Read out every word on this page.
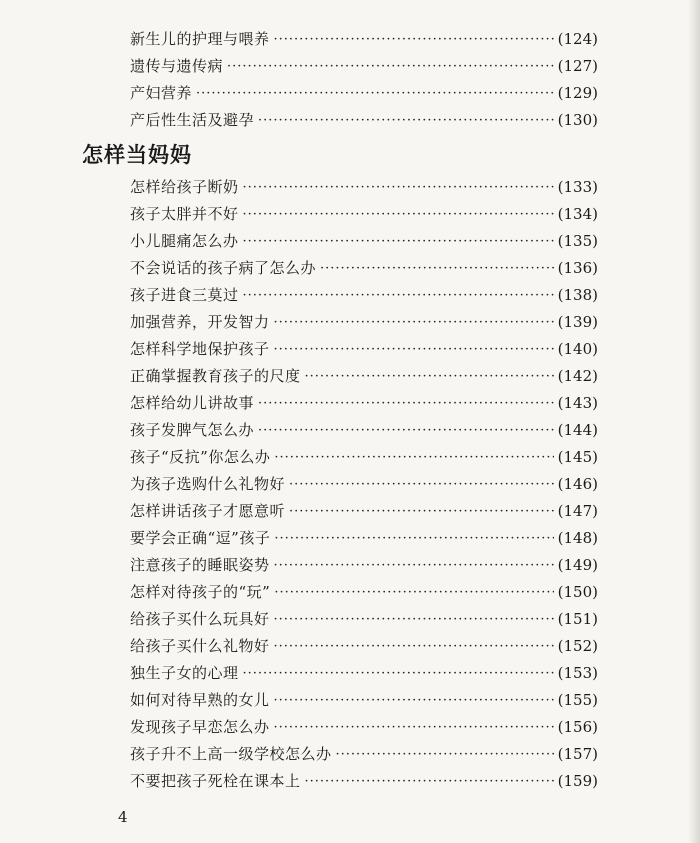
新生儿的护理与喂养 ·····	(124)
遗传与遗传病 ·····	(127)
产妇营养 ·····	(129)
产后性生活及避孕 ·····	(130)
怎样当妈妈
怎样给孩子断奶 ·····	(133)
孩子太胖并不好 ·····	(134)
小儿腿痛怎么办 ·····	(135)
不会说话的孩子病了怎么办 ·····	(136)
孩子进食三莫过 ·····	(138)
加强营养，开发智力 ·····	(139)
怎样科学地保护孩子 ·····	(140)
正确掌握教育孩子的尺度 ·····	(142)
怎样给幼儿讲故事 ·····	(143)
孩子发脾气怎么办 ·····	(144)
孩子“反抗”你怎么办 ·····	(145)
为孩子选购什么礼物好 ·····	(146)
怎样讲话孩子才愿意听 ·····	(147)
要学会正确“逗”孩子 ·····	(148)
注意孩子的睡眠姿势 ·····	(149)
怎样对待孩子的“玩” ·····	(150)
给孩子买什么玩具好 ·····	(151)
给孩子买什么礼物好 ·····	(152)
独生子女的心理 ·····	(153)
如何对待早熟的女儿 ·····	(155)
发现孩子早恋怎么办 ·····	(156)
孩子升不上高一级学校怎么办 ·····	(157)
不要把孩子死栓在课本上 ·····	(159)
4
